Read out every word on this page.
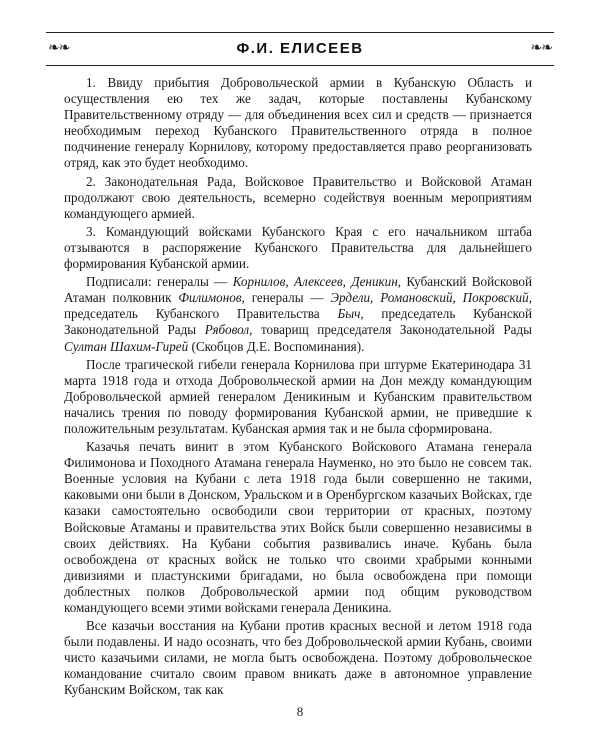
❧❧	Ф.И. ЕЛИСЕЕВ	❧❧

1. Ввиду прибытия Добровольческой армии в Кубанскую Область и осуществления ею тех же задач, которые поставлены Кубанскому Правительственному отряду — для объединения всех сил и средств — признается необходимым переход Кубанского Правительственного отряда в полное подчинение генералу Корнилову, которому предоставляется право реорганизовать отряд, как это будет необходимо.

2. Законодательная Рада, Войсковое Правительство и Войсковой Атаман продолжают свою деятельность, всемерно содействуя военным мероприятиям командующего армией.

3. Командующий войсками Кубанского Края с его начальником штаба отзываются в распоряжение Кубанского Правительства для дальнейшего формирования Кубанской армии.

Подписали: генералы — Корнилов, Алексеев, Деникин, Кубанский Войсковой Атаман полковник Филимонов, генералы — Эрдели, Романовский, Покровский, председатель Кубанского Правительства Быч, председатель Кубанской Законодательной Рады Рябовол, товарищ председателя Законодательной Рады Султан Шахим-Гирей (Скобцов Д.Е. Воспоминания).

После трагической гибели генерала Корнилова при штурме Екатеринодара 31 марта 1918 года и отхода Добровольческой армии на Дон между командующим Добровольческой армией генералом Деникиным и Кубанским правительством начались трения по поводу формирования Кубанской армии, не приведшие к положительным результатам. Кубанская армия так и не была сформирована.

Казачья печать винит в этом Кубанского Войскового Атамана генерала Филимонова и Походного Атамана генерала Науменко, но это было не совсем так. Военные условия на Кубани с лета 1918 года были совершенно не такими, каковыми они были в Донском, Уральском и в Оренбургском казачьих Войсках, где казаки самостоятельно освободили свои территории от красных, поэтому Войсковые Атаманы и правительства этих Войск были совершенно независимы в своих действиях. На Кубани события развивались иначе. Кубань была освобождена от красных войск не только что своими храбрыми конными дивизиями и пластунскими бригадами, но была освобождена при помощи доблестных полков Добровольческой армии под общим руководством командующего всеми этими войсками генерала Деникина.

Все казачьи восстания на Кубани против красных весной и летом 1918 года были подавлены. И надо осознать, что без Добровольческой армии Кубань, своими чисто казачьими силами, не могла быть освобождена. Поэтому добровольческое командование считало своим правом вникать даже в автономное управление Кубанским Войском, так как

8
